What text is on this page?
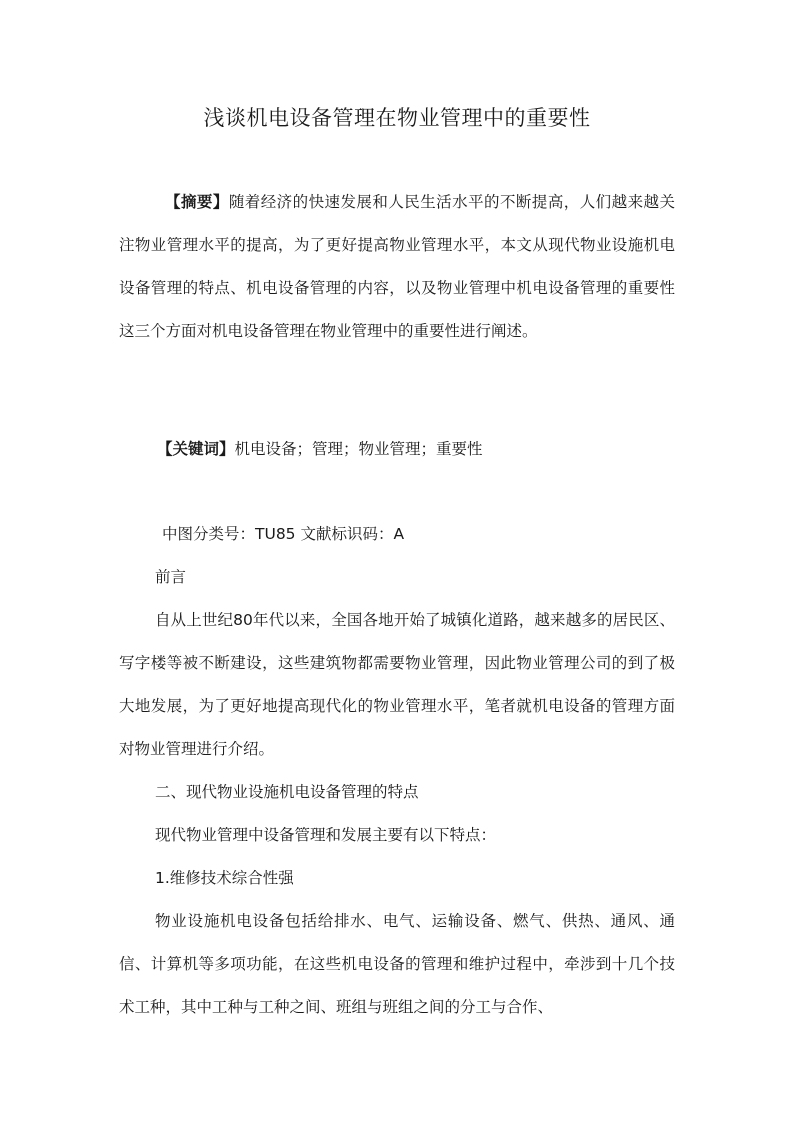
浅谈机电设备管理在物业管理中的重要性

【摘要】随着经济的快速发展和人民生活水平的不断提高，人们越来越关注物业管理水平的提高，为了更好提高物业管理水平，本文从现代物业设施机电设备管理的特点、机电设备管理的内容，以及物业管理中机电设备管理的重要性这三个方面对机电设备管理在物业管理中的重要性进行阐述。

【关键词】机电设备；管理；物业管理；重要性

中图分类号：TU85 文献标识码：A

前言

自从上世纪80年代以来，全国各地开始了城镇化道路，越来越多的居民区、写字楼等被不断建设，这些建筑物都需要物业管理，因此物业管理公司的到了极大地发展，为了更好地提高现代化的物业管理水平，笔者就机电设备的管理方面对物业管理进行介绍。

二、现代物业设施机电设备管理的特点

现代物业管理中设备管理和发展主要有以下特点：

1.维修技术综合性强

物业设施机电设备包括给排水、电气、运输设备、燃气、供热、通风、通信、计算机等多项功能，在这些机电设备的管理和维护过程中，牵涉到十几个技术工种，其中工种与工种之间、班组与班组之间的分工与合作、
